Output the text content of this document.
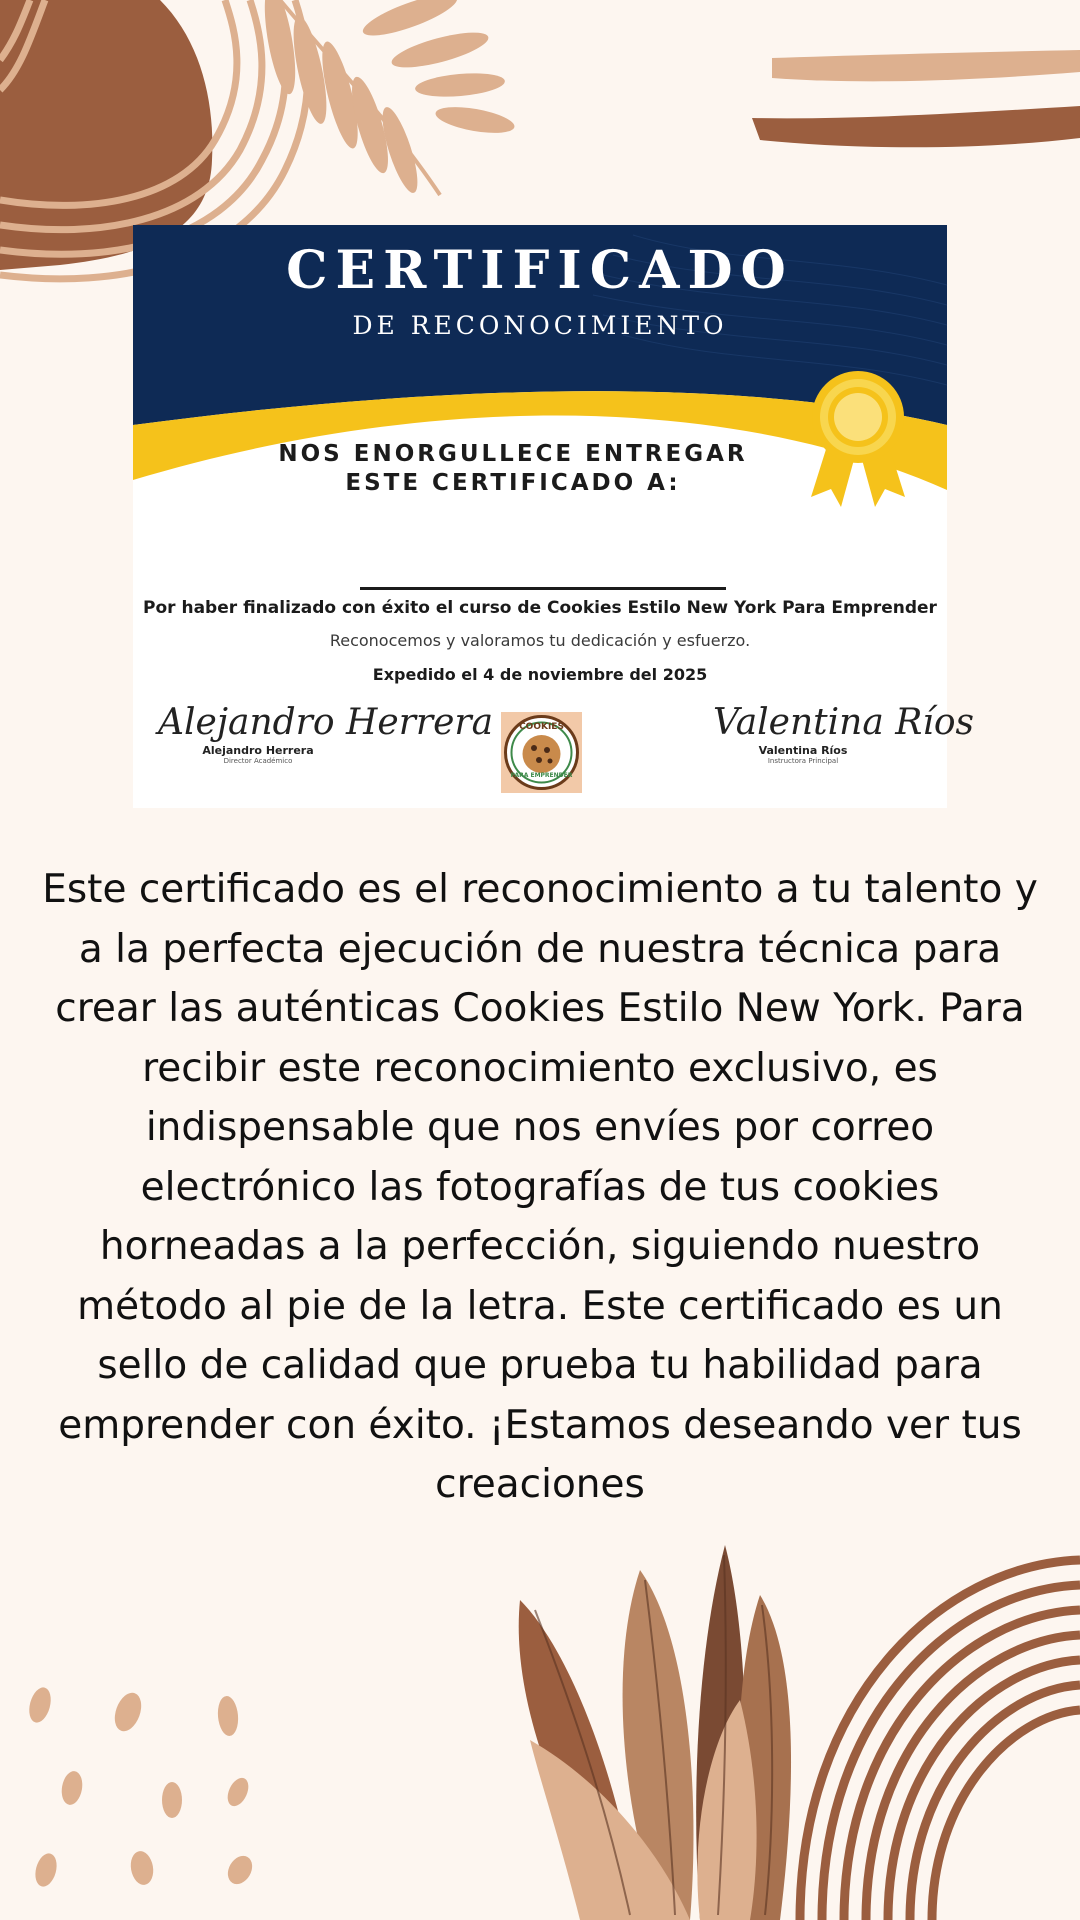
CERTIFICADO
DE RECONOCIMIENTO
NOS ENORGULLECE ENTREGAR ESTE CERTIFICADO A:
Por haber finalizado con éxito el curso de Cookies Estilo New York Para Emprender
Reconocemos y valoramos tu dedicación y esfuerzo.
Expedido el 4 de noviembre del 2025
Alejandro Herrera
Alejandro Herrera
Director Académico
COOKIES
PARA EMPRENDER
Valentina Ríos
Valentina Ríos
Instructora Principal
Este certificado es el reconocimiento a tu talento y a la perfecta ejecución de nuestra técnica para crear las auténticas Cookies Estilo New York. Para recibir este reconocimiento exclusivo, es indispensable que nos envíes por correo electrónico las fotografías de tus cookies horneadas a la perfección, siguiendo nuestro método al pie de la letra. Este certificado es un sello de calidad que prueba tu habilidad para emprender con éxito. ¡Estamos deseando ver tus creaciones
